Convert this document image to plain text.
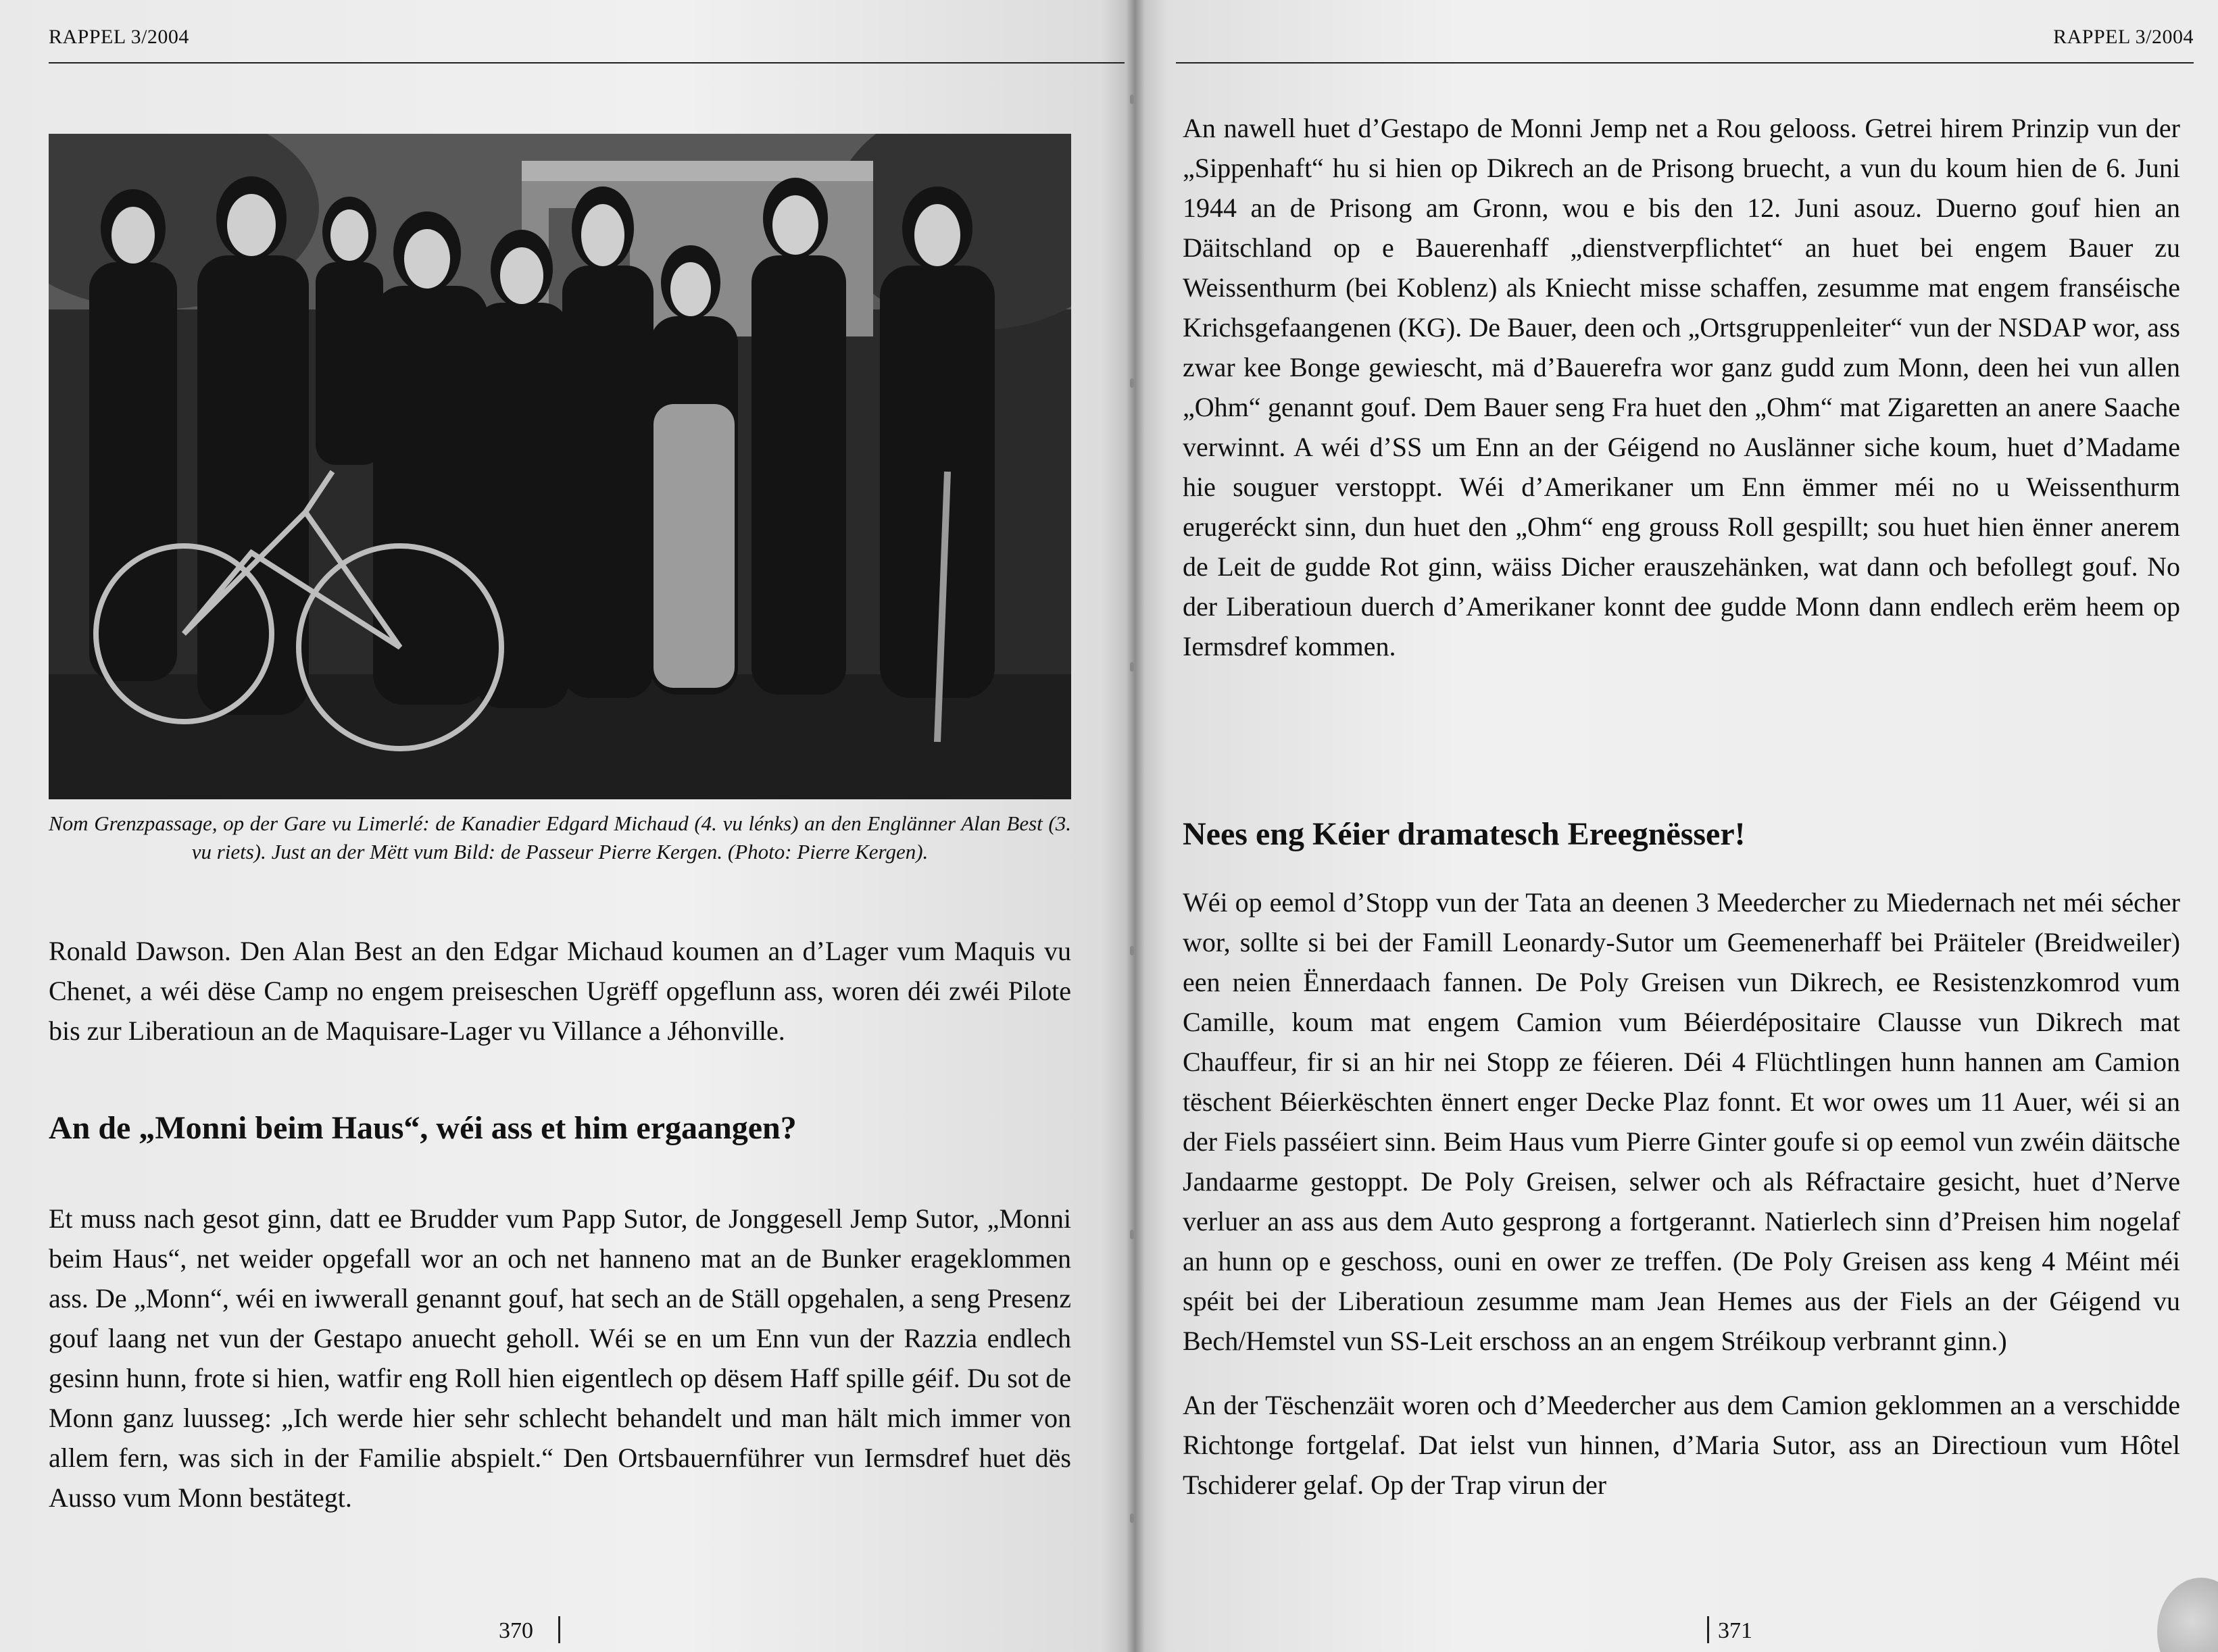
RAPPEL 3/2004

Nom Grenzpassage, op der Gare vu Limerlé: de Kanadier Edgard Michaud (4. vu lénks) an den Englänner Alan Best (3. vu riets). Just an der Mëtt vum Bild: de Passeur Pierre Kergen. (Photo: Pierre Kergen).

Ronald Dawson. Den Alan Best an den Edgar Michaud koumen an d’Lager vum Maquis vu Chenet, a wéi dëse Camp no engem preiseschen Ugrëff opgeflunn ass, woren déi zwéi Pilote bis zur Liberatioun an de Maquisare-Lager vu Villance a Jéhonville.

An de „Monni beim Haus“, wéi ass et him ergaangen?

Et muss nach gesot ginn, datt ee Brudder vum Papp Sutor, de Jonggesell Jemp Sutor, „Monni beim Haus“, net weider opgefall wor an och net hanneno mat an de Bunker erageklommen ass. De „Monn“, wéi en iwwerall genannt gouf, hat sech an de Ställ opgehalen, a seng Presenz gouf laang net vun der Gestapo anuecht geholl. Wéi se en um Enn vun der Razzia endlech gesinn hunn, frote si hien, watfir eng Roll hien eigentlech op dësem Haff spille géif. Du sot de Monn ganz luusseg: „Ich werde hier sehr schlecht behandelt und man hält mich immer von allem fern, was sich in der Familie abspielt.“ Den Ortsbauernführer vun Iermsdref huet dës Ausso vum Monn bestätegt.

370
RAPPEL 3/2004

An nawell huet d’Gestapo de Monni Jemp net a Rou gelooss. Getrei hirem Prinzip vun der „Sippenhaft“ hu si hien op Dikrech an de Prisong bruecht, a vun du koum hien de 6. Juni 1944 an de Prisong am Gronn, wou e bis den 12. Juni asouz. Duerno gouf hien an Däitschland op e Bauerenhaff „dienstverpflichtet“ an huet bei engem Bauer zu Weissenthurm (bei Koblenz) als Kniecht misse schaffen, zesumme mat engem franséische Krichsgefaangenen (KG). De Bauer, deen och „Ortsgruppenleiter“ vun der NSDAP wor, ass zwar kee Bonge gewiescht, mä d’Bauerefra wor ganz gudd zum Monn, deen hei vun allen „Ohm“ genannt gouf. Dem Bauer seng Fra huet den „Ohm“ mat Zigaretten an anere Saache verwinnt. A wéi d’SS um Enn an der Géigend no Auslänner siche koum, huet d’Madame hie souguer verstoppt. Wéi d’Amerikaner um Enn ëmmer méi no u Weissenthurm erugeréckt sinn, dun huet den „Ohm“ eng grouss Roll gespillt; sou huet hien ënner anerem de Leit de gudde Rot ginn, wäiss Dicher erauszehänken, wat dann och befollegt gouf. No der Liberatioun duerch d’Amerikaner konnt dee gudde Monn dann endlech erëm heem op Iermsdref kommen.

Nees eng Kéier dramatesch Ereegnësser!

Wéi op eemol d’Stopp vun der Tata an deenen 3 Meedercher zu Miedernach net méi sécher wor, sollte si bei der Famill Leonardy-Sutor um Geemenerhaff bei Präiteler (Breidweiler) een neien Ënnerdaach fannen. De Poly Greisen vun Dikrech, ee Resistenzkomrod vum Camille, koum mat engem Camion vum Béierdépositaire Clausse vun Dikrech mat Chauffeur, fir si an hir nei Stopp ze féieren. Déi 4 Flüchtlingen hunn hannen am Camion tëschent Béierkëschten ënnert enger Decke Plaz fonnt. Et wor owes um 11 Auer, wéi si an der Fiels passéiert sinn. Beim Haus vum Pierre Ginter goufe si op eemol vun zwéin däitsche Jandaarme gestoppt. De Poly Greisen, selwer och als Réfractaire gesicht, huet d’Nerve verluer an ass aus dem Auto gesprong a fortgerannt. Natierlech sinn d’Preisen him nogelaf an hunn op e geschoss, ouni en ower ze treffen. (De Poly Greisen ass keng 4 Méint méi spéit bei der Liberatioun zesumme mam Jean Hemes aus der Fiels an der Géigend vu Bech/Hemstel vun SS-Leit erschoss an an engem Stréikoup verbrannt ginn.)

An der Tëschenzäit woren och d’Meedercher aus dem Camion geklommen an a verschidde Richtonge fortgelaf. Dat ielst vun hinnen, d’Maria Sutor, ass an Directioun vum Hôtel Tschiderer gelaf. Op der Trap virun der

371
